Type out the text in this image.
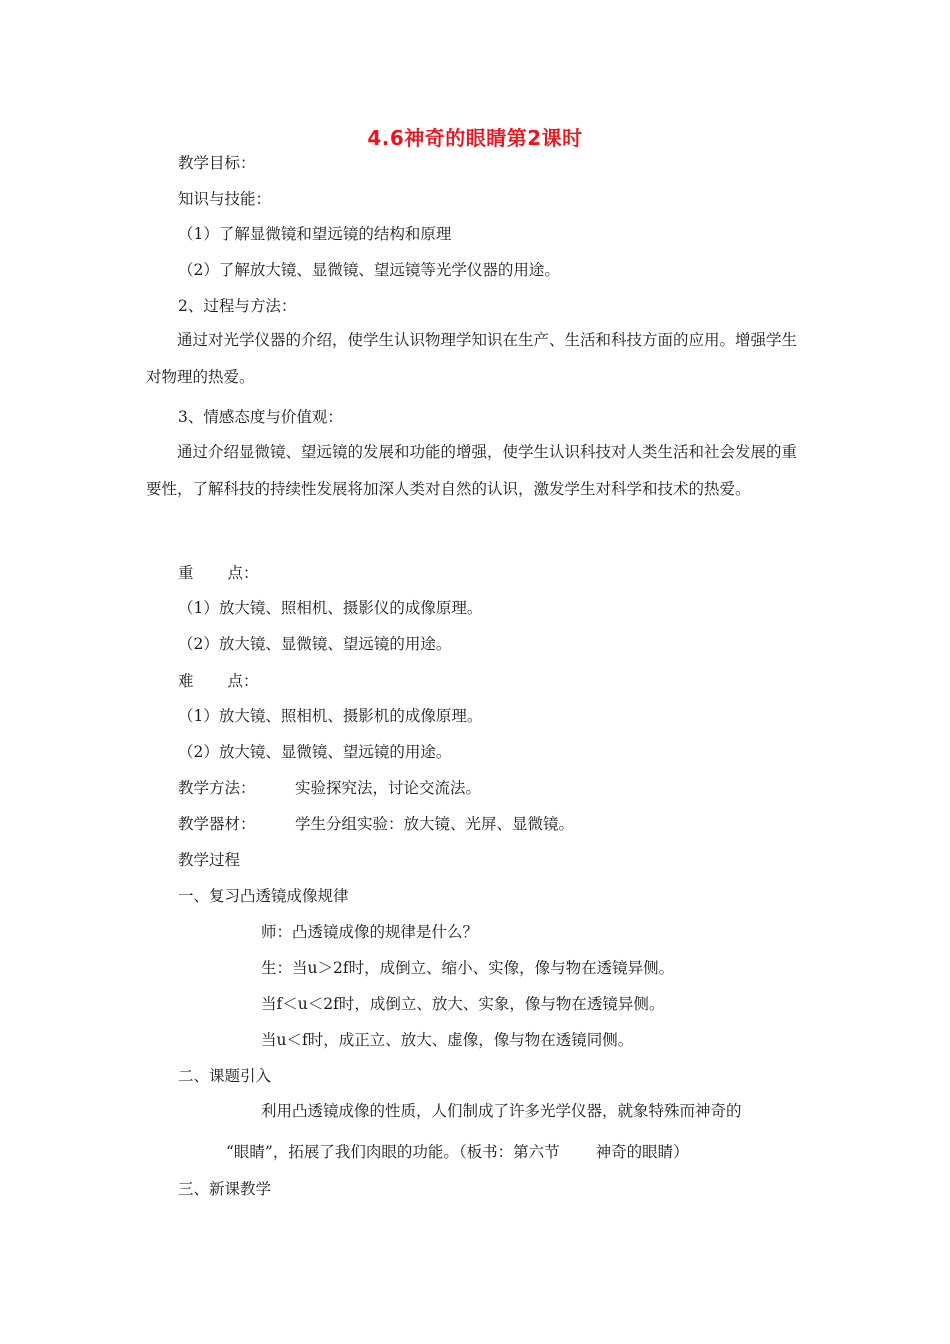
4.6神奇的眼睛第2课时
教学目标：
知识与技能：
（1）了解显微镜和望远镜的结构和原理
（2）了解放大镜、显微镜、望远镜等光学仪器的用途。
2、过程与方法：
通过对光学仪器的介绍，使学生认识物理学知识在生产、生活和科技方面的应用。增强学生对物理的热爱。
3、情感态度与价值观：
通过介绍显微镜、望远镜的发展和功能的增强，使学生认识科技对人类生活和社会发展的重要性，了解科技的持续性发展将加深人类对自然的认识，激发学生对科学和技术的热爱。
重 点：
（1）放大镜、照相机、摄影仪的成像原理。
（2）放大镜、显微镜、望远镜的用途。
难 点：
（1）放大镜、照相机、摄影机的成像原理。
（2）放大镜、显微镜、望远镜的用途。
教学方法：	实验探究法，讨论交流法。
教学器材：	学生分组实验：放大镜、光屏、显微镜。
教学过程
一、复习凸透镜成像规律
师：凸透镜成像的规律是什么？
生：当u＞2f时，成倒立、缩小、实像，像与物在透镜异侧。
当f＜u＜2f时，成倒立、放大、实象，像与物在透镜异侧。
当u＜f时，成正立、放大、虚像，像与物在透镜同侧。
二、课题引入
利用凸透镜成像的性质，人们制成了许多光学仪器，就象特殊而神奇的
“眼睛”，拓展了我们肉眼的功能。（板书：第六节 神奇的眼睛）
三、新课教学
